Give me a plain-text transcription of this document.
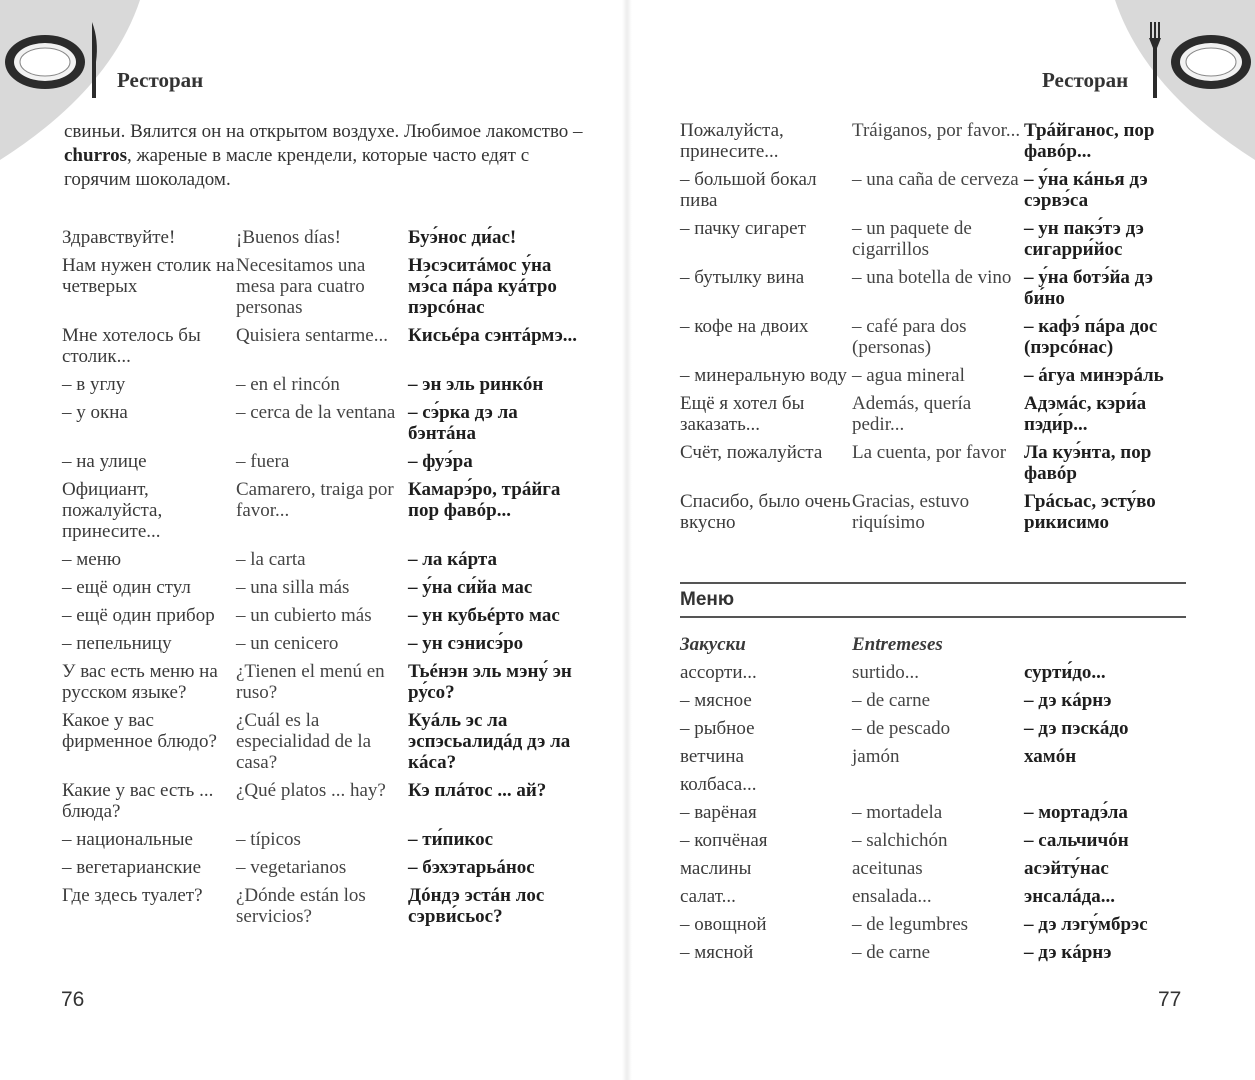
Ресторан
свиньи. Вялится он на открытом воздухе. Любимое лакомство – churros, жареные в масле крендели, которые часто едят с горячим шоколадом.
Здравствуйте!	¡Buenos días!	Буэ́нос ди́ас!
Нам нужен столик на четверых	Necesitamos una mesa para cuatro personas	Нэсэситáмос у́на мэ́са пáра куáтро пэрсóнас
Мне хотелось бы столик...	Quisiera sentarme...	Кисьéра сэнтáрмэ...
– в углу	– en el rincón	– эн эль ринкóн
– у окна	– cerca de la ventana	– сэ́рка дэ ла бэнтáна
– на улице	– fuera	– фуэ́ра
Официант, пожалуйста, принесите...	Camarero, traiga por favor...	Камарэ́ро, трáйга пор фавóр...
– меню	– la carta	– ла кáрта
– ещё один стул	– una silla más	– у́на си́йа мас
– ещё один прибор	– un cubierto más	– ун кубьéрто мас
– пепельницу	– un cenicero	– ун сэнисэ́ро
У вас есть меню на русском языке?	¿Tienen el menú en ruso?	Тьéнэн эль мэну́ эн ру́со?
Какое у вас фирменное блюдо?	¿Cuál es la especialidad de la casa?	Куáль эс ла эспэсьалидáд дэ ла кáса?
Какие у вас есть ... блюда?	¿Qué platos ... hay?	Кэ плáтос ... ай?
– национальные	– típicos	– ти́пикос
– вегетарианские	– vegetarianos	– бэхэтарьáнос
Где здесь туалет?	¿Dónde están los servicios?	Дóндэ эстáн лос сэрви́сьос?
76
Ресторан
Пожалуйста, принесите...	Tráiganos, por favor...	Трáйганос, пор фавóр...
– большой бокал пива	– una caña de cerveza	– у́на кáнья дэ сэрвэ́са
– пачку сигарет	– un paquete de cigarrillos	– ун пакэ́тэ дэ сигарри́йос
– бутылку вина	– una botella de vino	– у́на ботэ́йа дэ би́но
– кофе на двоих	– café para dos (personas)	– кафэ́ пáра дос (пэрсóнас)
– минеральную воду	– agua mineral	– áгуа минэрáль
Ещё я хотел бы заказать...	Además, quería pedir...	Адэмáс, кэри́а пэди́р...
Счёт, пожалуйста	La cuenta, por favor	Ла куэ́нта, пор фавóр
Спасибо, было очень вкусно	Gracias, estuvo riquísimo	Грáсьас, эсту́во рикисимо
Меню
Закуски	Entremeses	
ассорти...	surtido...	сурти́до...
– мясное	– de carne	– дэ кáрнэ
– рыбное	– de pescado	– дэ пэскáдо
ветчина	jamón	хамóн
колбаса...		
– варёная	– mortadela	– мортадэ́ла
– копчёная	– salchichón	– сальчичóн
маслины	aceitunas	асэйту́нас
салат...	ensalada...	энсалáда...
– овощной	– de legumbres	– дэ лэгу́мбрэс
– мясной	– de carne	– дэ кáрнэ
77
